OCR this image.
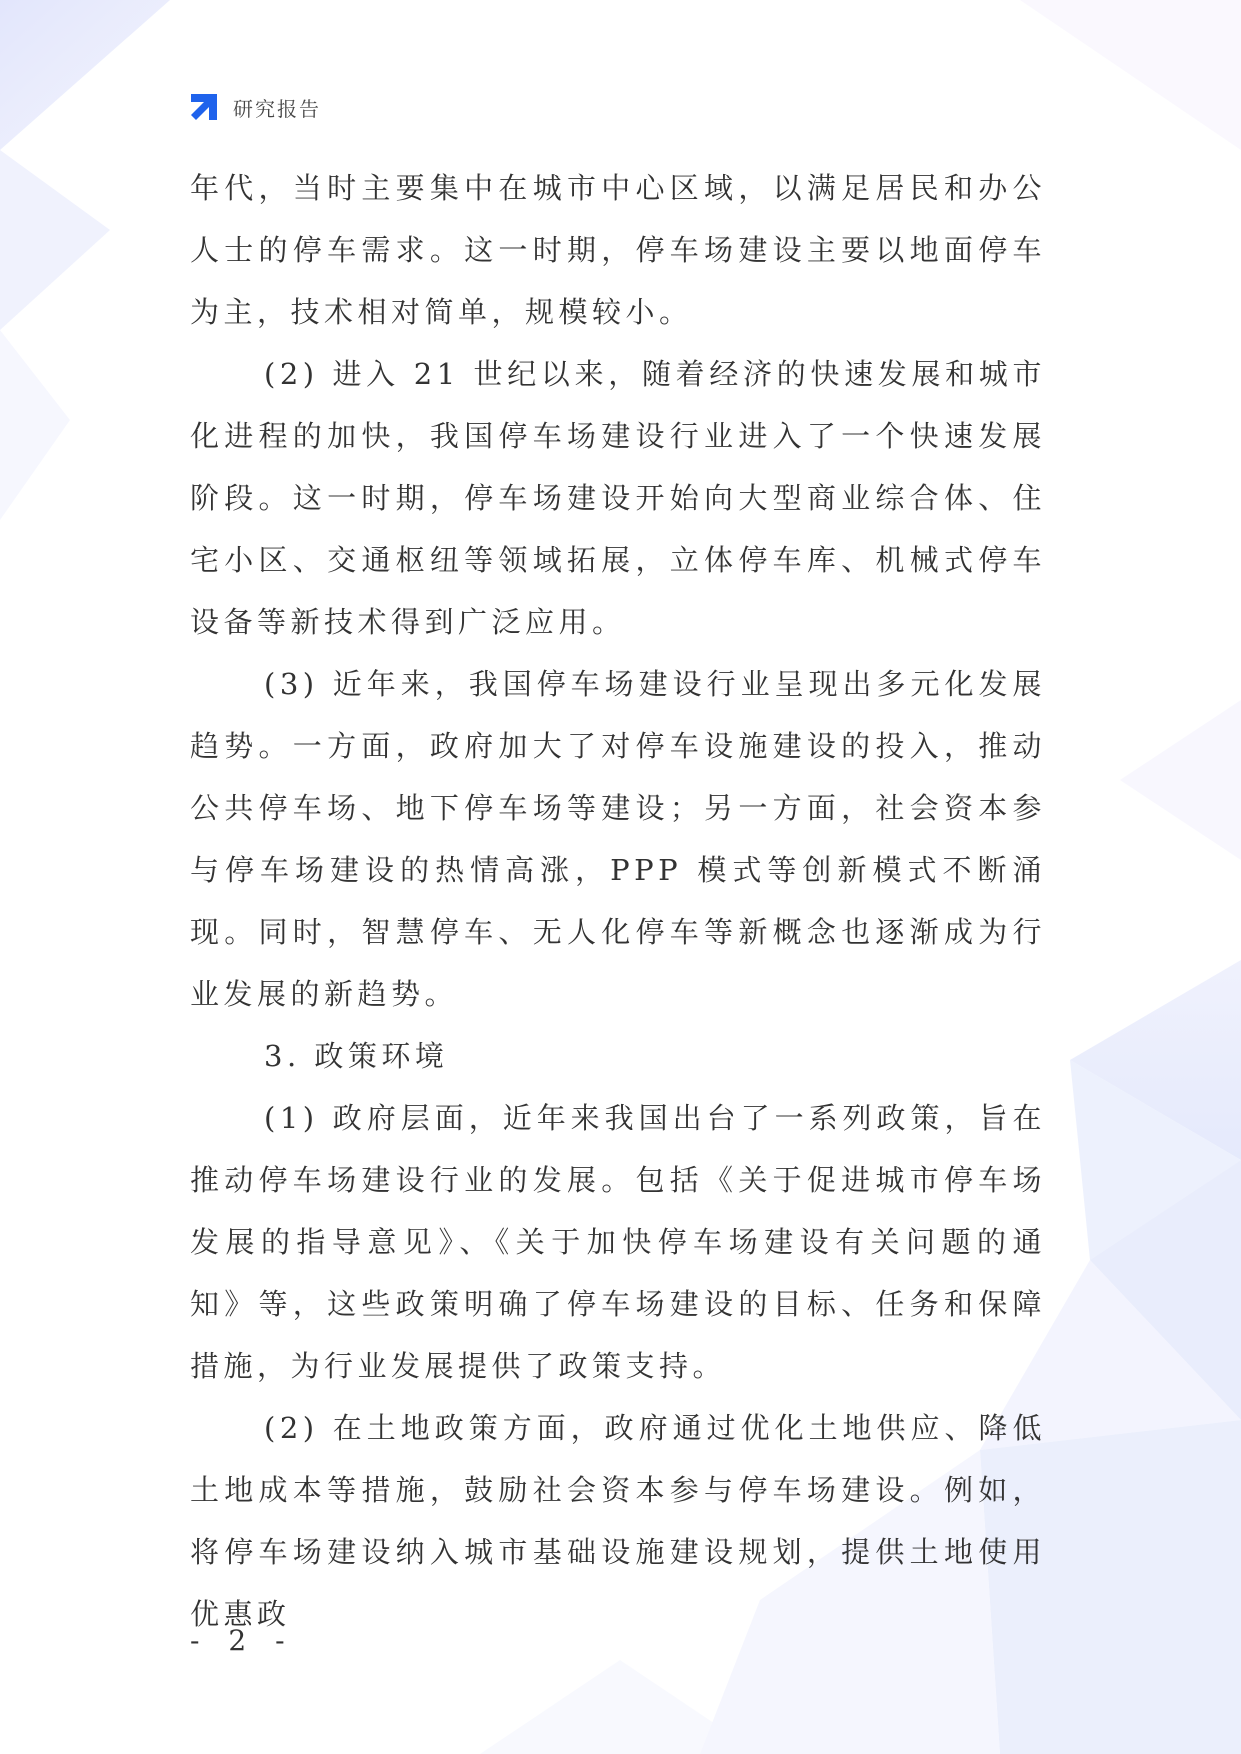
研究报告

年代，当时主要集中在城市中心区域，以满足居民和办公人士的停车需求。这一时期，停车场建设主要以地面停车为主，技术相对简单，规模较小。

(2) 进入 21 世纪以来，随着经济的快速发展和城市化进程的加快，我国停车场建设行业进入了一个快速发展阶段。这一时期，停车场建设开始向大型商业综合体、住宅小区、交通枢纽等领域拓展，立体停车库、机械式停车设备等新技术得到广泛应用。

(3) 近年来，我国停车场建设行业呈现出多元化发展趋势。一方面，政府加大了对停车设施建设的投入，推动公共停车场、地下停车场等建设；另一方面，社会资本参与停车场建设的热情高涨，PPP 模式等创新模式不断涌现。同时，智慧停车、无人化停车等新概念也逐渐成为行业发展的新趋势。

3. 政策环境

(1) 政府层面，近年来我国出台了一系列政策，旨在推动停车场建设行业的发展。包括《关于促进城市停车场发展的指导意见》、《关于加快停车场建设有关问题的通知》等，这些政策明确了停车场建设的目标、任务和保障措施，为行业发展提供了政策支持。

(2) 在土地政策方面，政府通过优化土地供应、降低土地成本等措施，鼓励社会资本参与停车场建设。例如，将停车场建设纳入城市基础设施建设规划，提供土地使用优惠政

- 2 -
